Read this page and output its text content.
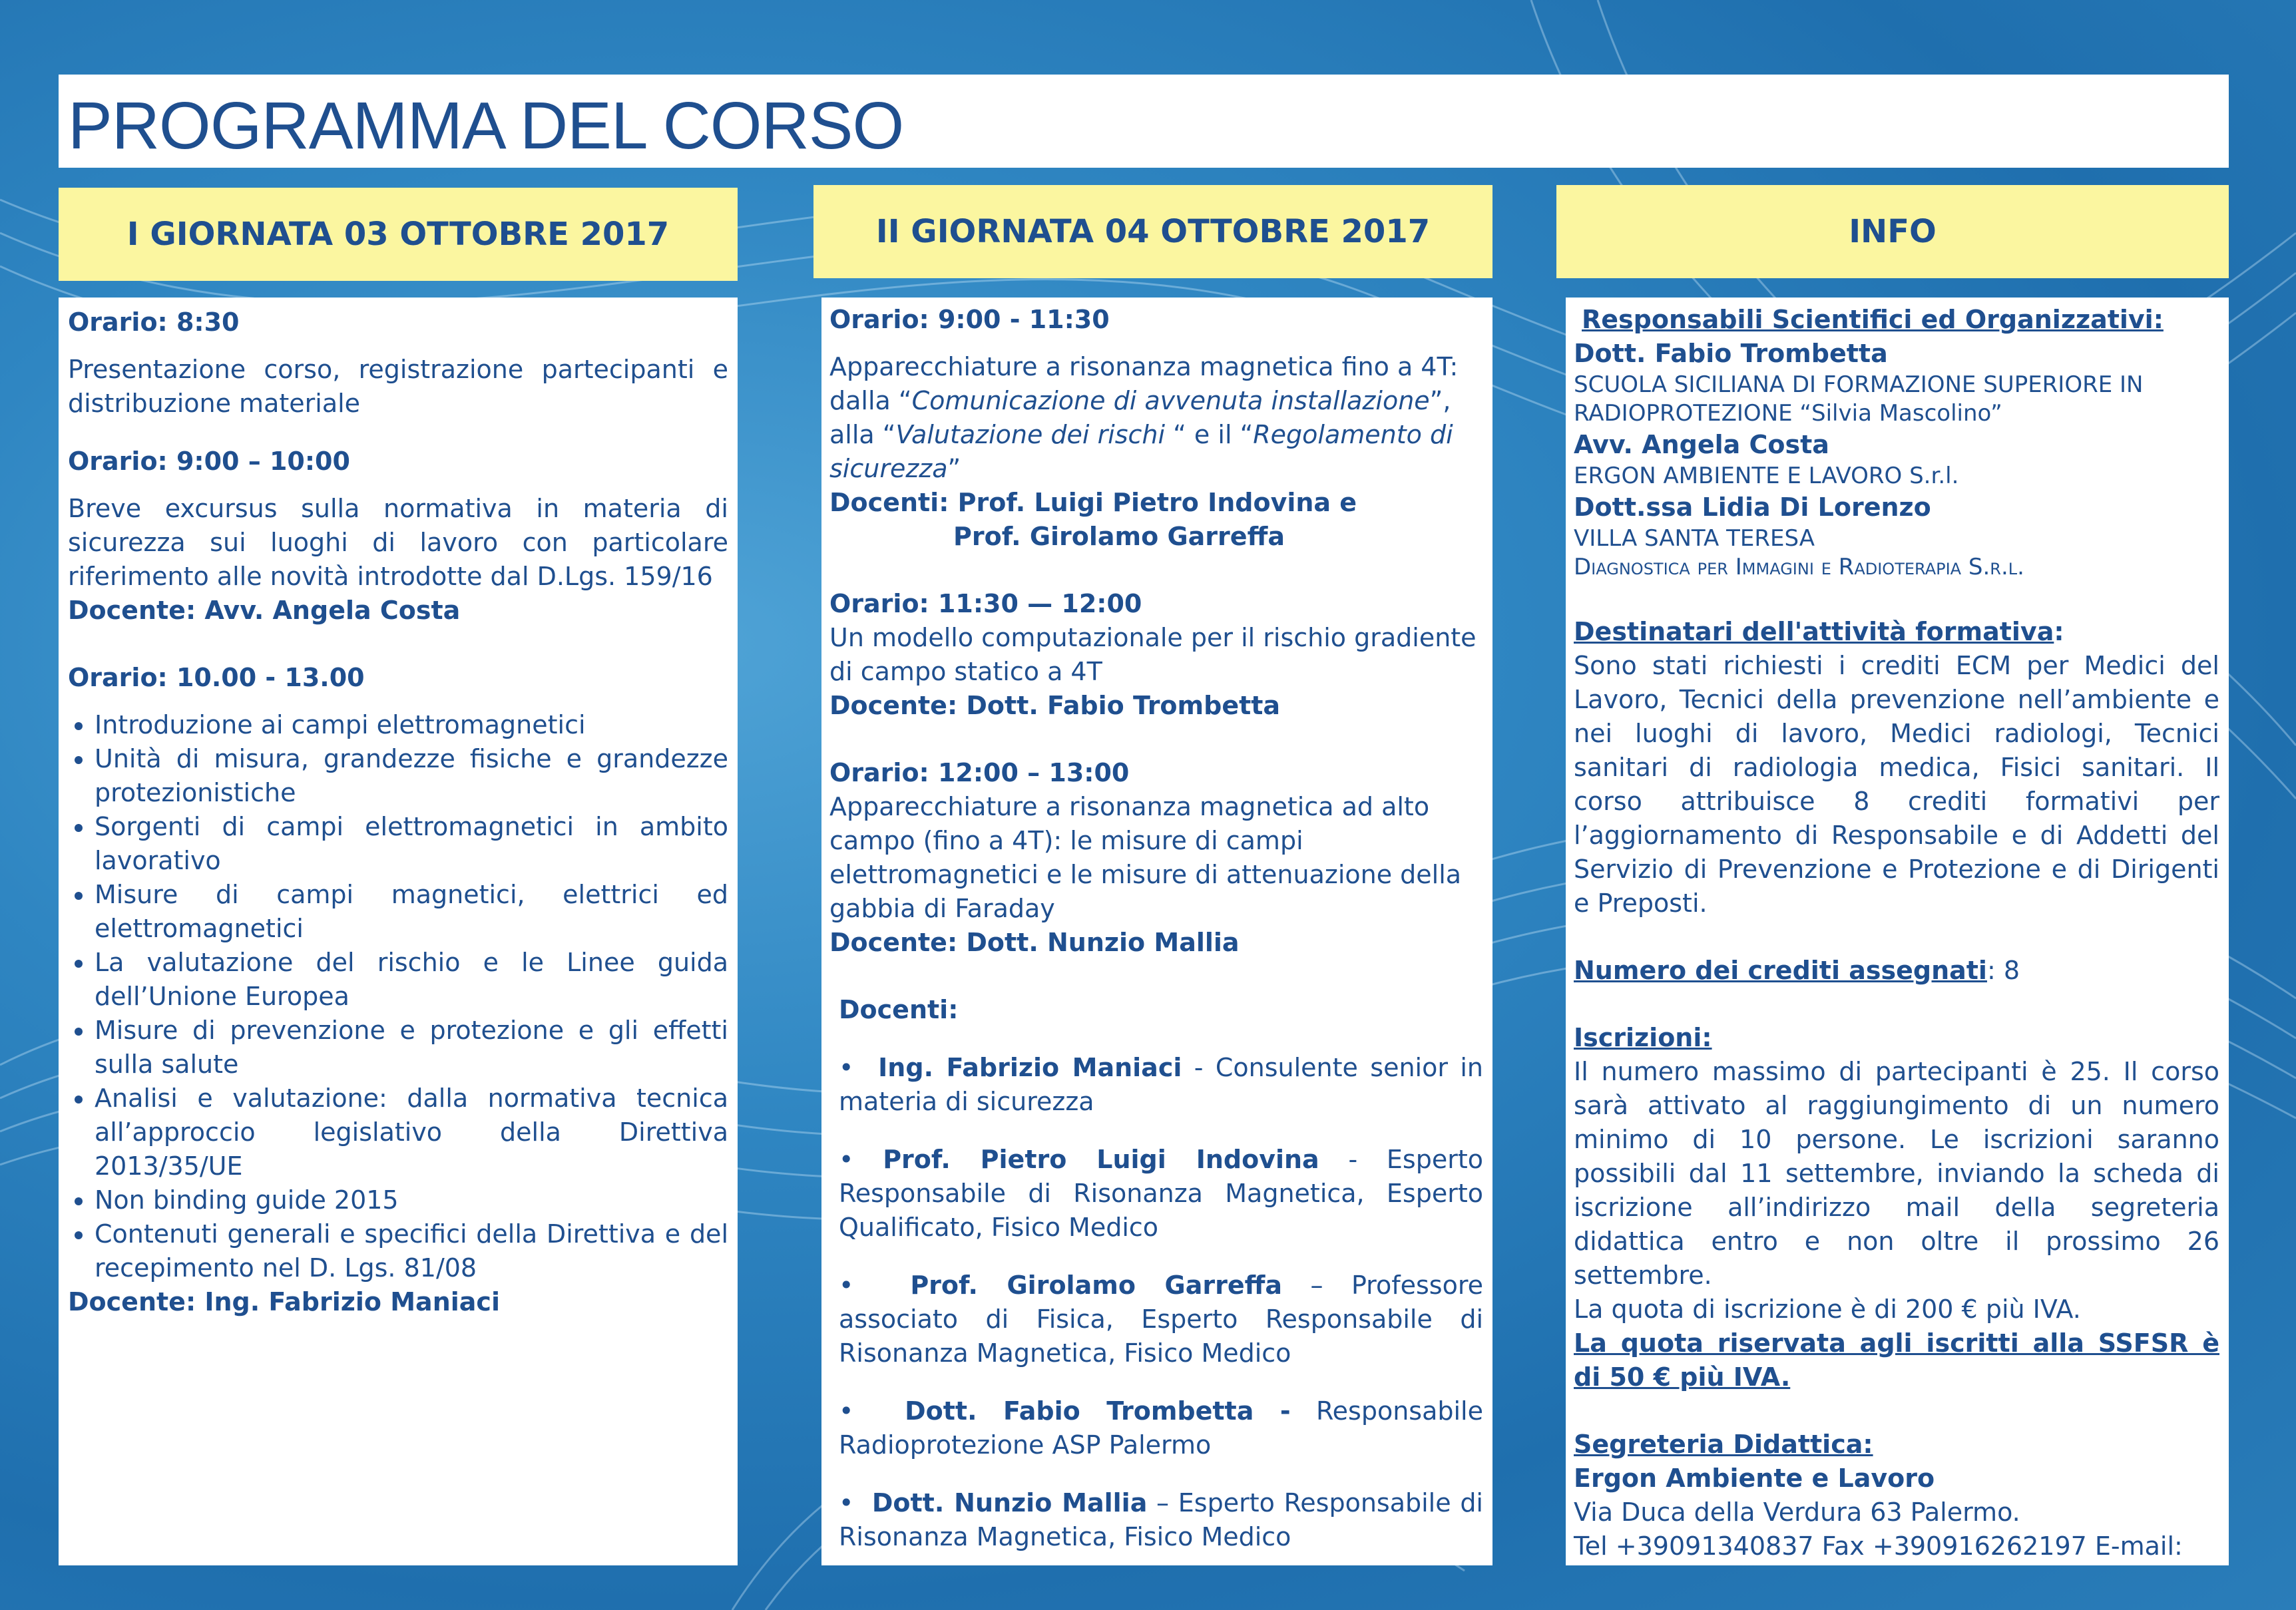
PROGRAMMA DEL CORSO
I GIORNATA 03 OTTOBRE 2017	II GIORNATA 04 OTTOBRE 2017	INFO

Orario: 8:30

Presentazione corso, registrazione partecipanti e distribuzione materiale

Orario: 9:00 – 10:00

Breve excursus sulla normativa in materia di sicurezza sui luoghi di lavoro con particolare riferimento alle novità introdotte dal D.Lgs. 159/16

Docente: Avv. Angela Costa

Orario: 10.00 - 13.00

• Introduzione ai campi elettromagnetici
• Unità di misura, grandezze fisiche e grandezze protezionistiche
• Sorgenti di campi elettromagnetici in ambito lavorativo
• Misure di campi magnetici, elettrici ed elettromagnetici
• La valutazione del rischio e le Linee guida dell’Unione Europea
• Misure di prevenzione e protezione e gli effetti sulla salute
• Analisi e valutazione: dalla normativa tecnica all’approccio legislativo della Direttiva 2013/35/UE
• Non binding guide 2015
• Contenuti generali e specifici della Direttiva e del recepimento nel D. Lgs. 81/08

Docente: Ing. Fabrizio Maniaci

Orario: 9:00 - 11:30

Apparecchiature a risonanza magnetica fino a 4T:

dalla “Comunicazione di avvenuta installazione”, alla “Valutazione dei rischi “ e il “Regolamento di sicurezza”

Docenti: Prof. Luigi Pietro Indovina e

Prof. Girolamo Garreffa

Orario: 11:30 — 12:00

Un modello computazionale per il rischio gradiente di campo statico a 4T

Docente: Dott. Fabio Trombetta

Orario: 12:00 – 13:00

Apparecchiature a risonanza magnetica ad alto campo (fino a 4T): le misure di campi elettromagnetici e le misure di attenuazione della gabbia di Faraday

Docente: Dott. Nunzio Mallia

Docenti:

•  Ing. Fabrizio Maniaci - Consulente senior in materia di sicurezza

• Prof. Pietro Luigi Indovina - Esperto Responsabile di Risonanza Magnetica, Esperto Qualificato, Fisico Medico

•  Prof. Girolamo Garreffa – Professore associato di Fisica, Esperto Responsabile di Risonanza Magnetica, Fisico Medico

•  Dott. Fabio Trombetta - Responsabile Radioprotezione ASP Palermo

•  Dott. Nunzio Mallia – Esperto Responsabile di Risonanza Magnetica, Fisico Medico

Responsabili Scientifici ed Organizzativi:

Dott. Fabio Trombetta

SCUOLA SICILIANA DI FORMAZIONE SUPERIORE IN

RADIOPROTEZIONE “Silvia Mascolino”

Avv. Angela Costa

ERGON AMBIENTE E LAVORO S.r.l.

Dott.ssa Lidia Di Lorenzo

VILLA SANTA TERESA

Diagnostica per Immagini e Radioterapia S.r.l.

Destinatari dell'attività formativa:

Sono stati richiesti i crediti ECM per Medici del Lavoro, Tecnici della prevenzione nell’ambiente e nei luoghi di lavoro, Medici radiologi, Tecnici sanitari di radiologia medica, Fisici sanitari. Il corso attribuisce 8 crediti formativi per l’aggiornamento di Responsabile e di Addetti del Servizio di Prevenzione e Protezione e di Dirigenti e Preposti.

Numero dei crediti assegnati: 8

Iscrizioni:

Il numero massimo di partecipanti è 25. Il corso sarà attivato al raggiungimento di un numero minimo di 10 persone. Le iscrizioni saranno possibili dal 11 settembre, inviando la scheda di iscrizione all’indirizzo mail della segreteria didattica entro e non oltre il prossimo 26 settembre.

La quota di iscrizione è di 200 € più IVA.

La quota riservata agli iscritti alla SSFSR è di 50 € più IVA.

Segreteria Didattica:

Ergon Ambiente e Lavoro

Via Duca della Verdura 63 Palermo.

Tel +39091340837 Fax +390916262197 E-mail:
